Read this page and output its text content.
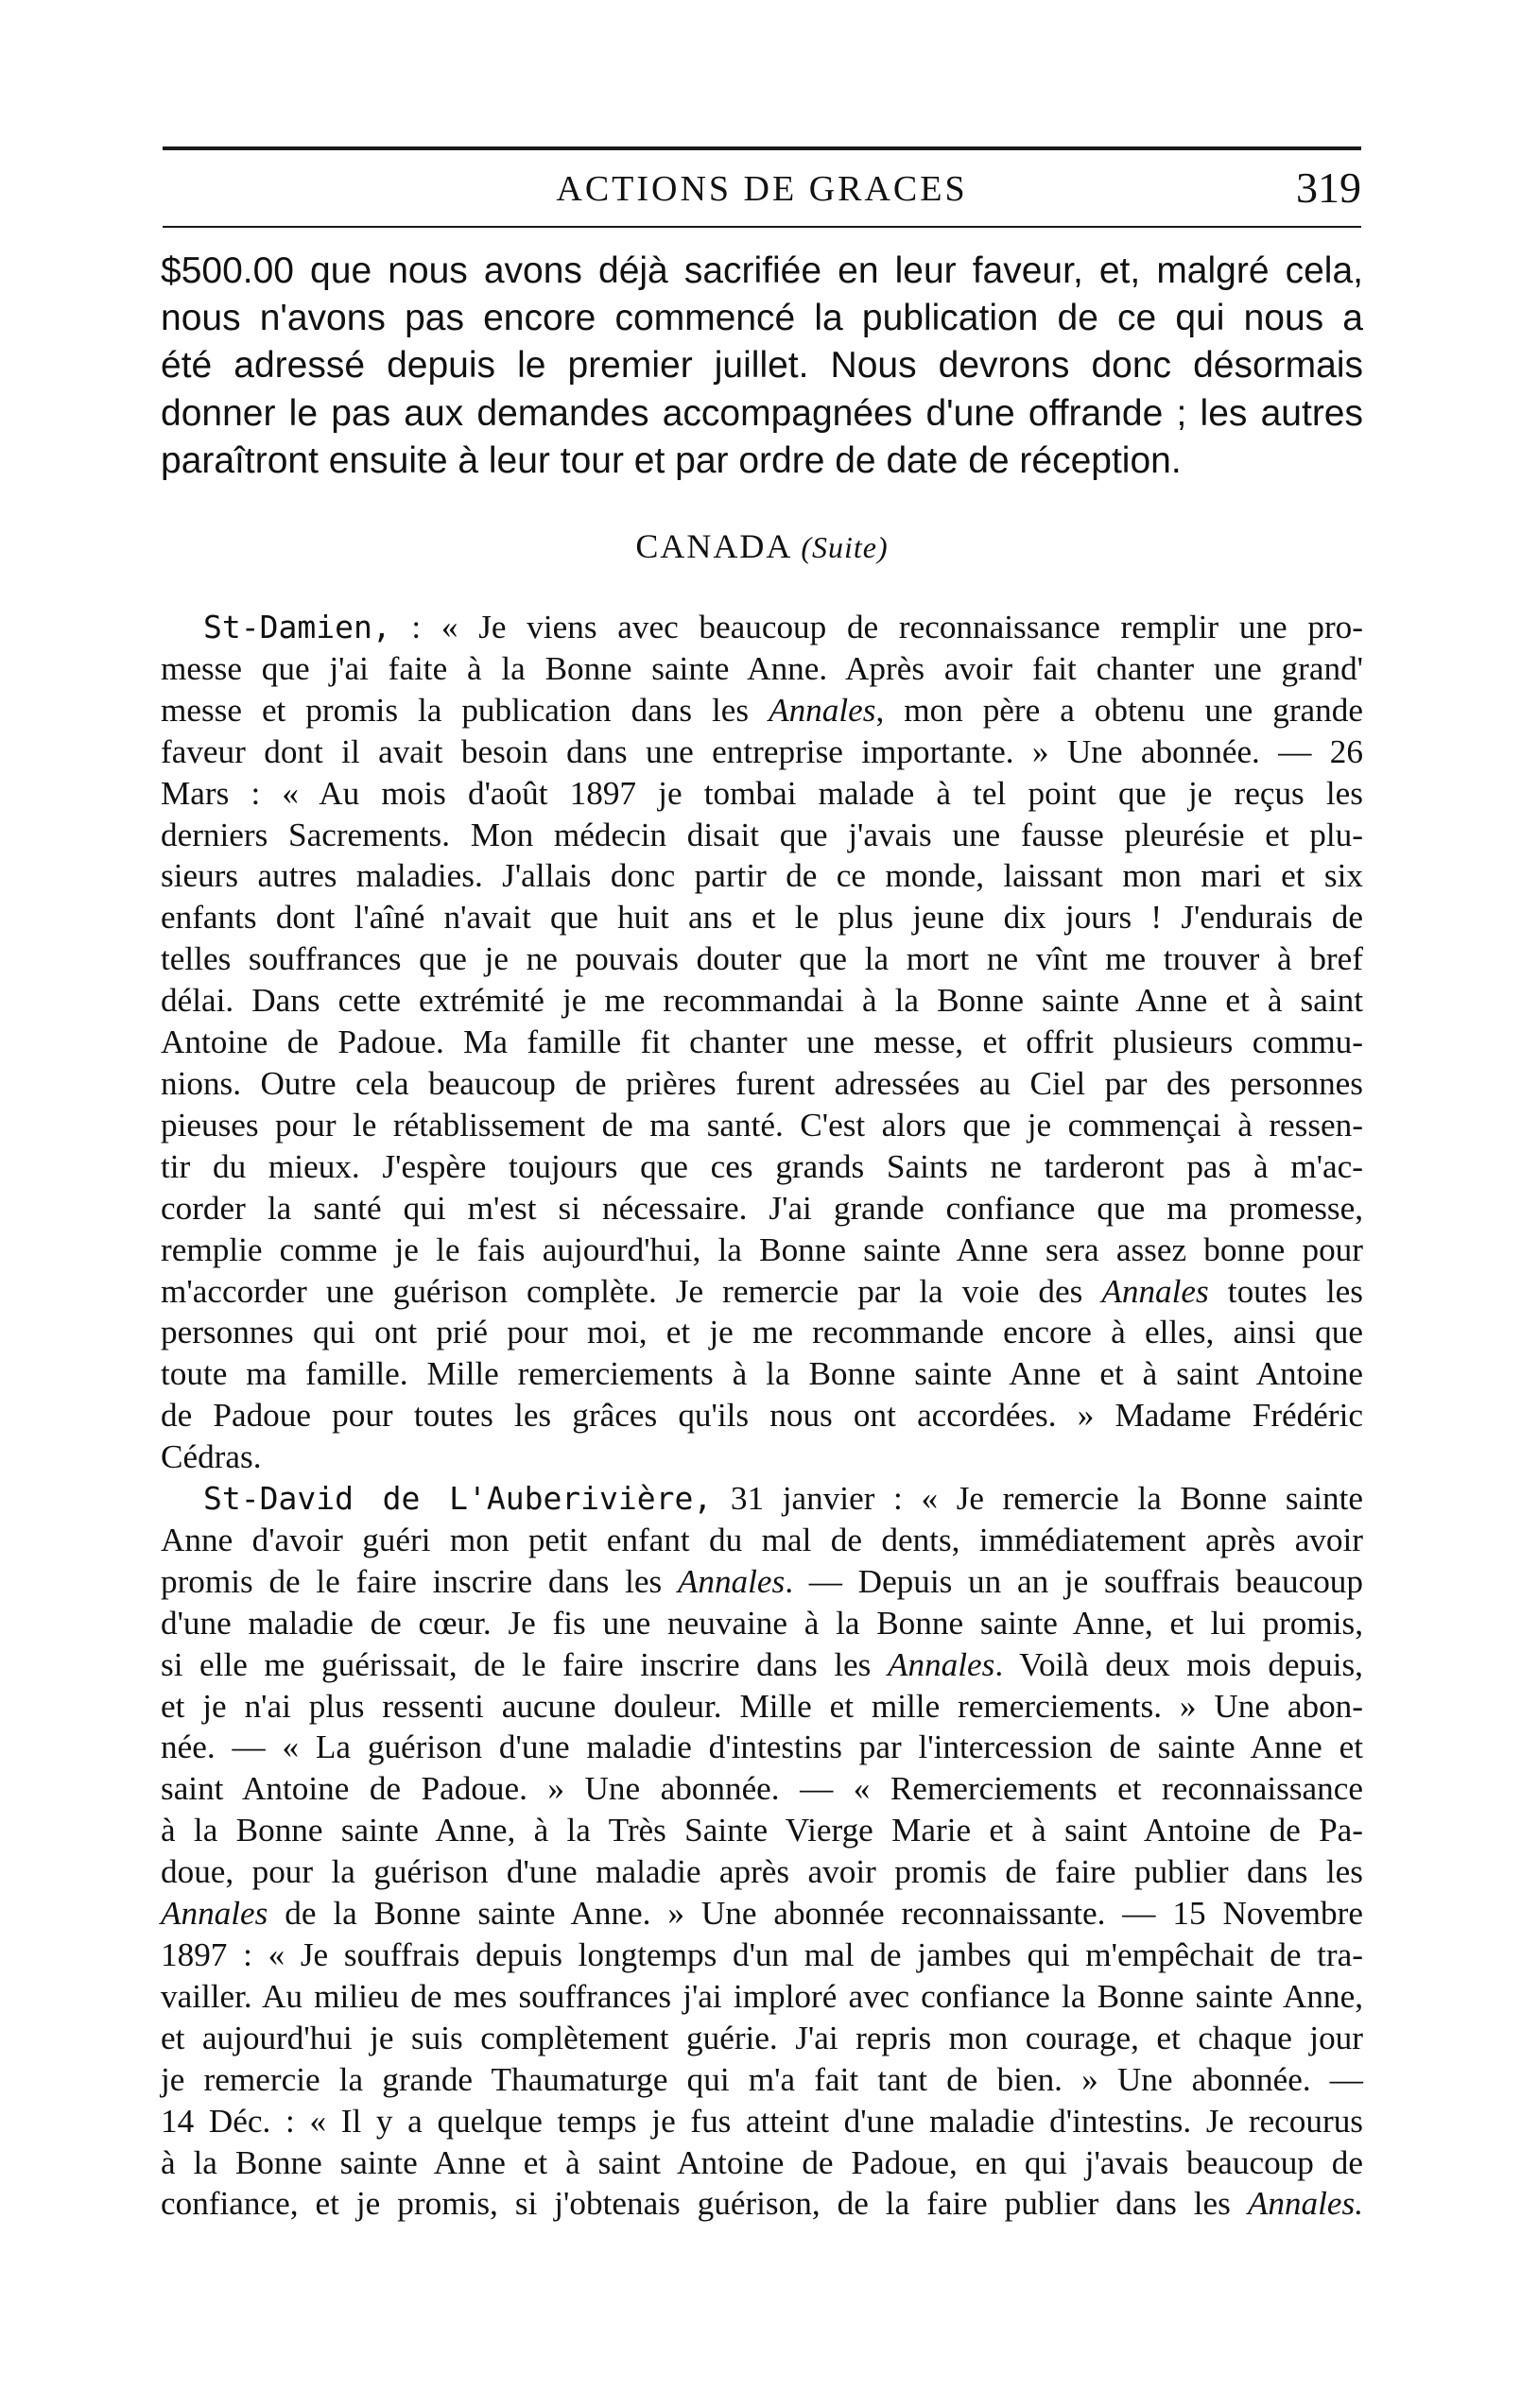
ACTIONS DE GRACES	319
$500.00 que nous avons déjà sacrifiée en leur faveur, et, malgré cela,
nous n'avons pas encore commencé la publication de ce qui nous a
été adressé depuis le premier juillet. Nous devrons donc désormais
donner le pas aux demandes accompagnées d'une offrande ; les autres
paraîtront ensuite à leur tour et par ordre de date de réception.
CANADA (Suite)
St-Damien, : « Je viens avec beaucoup de reconnaissance remplir une pro-
messe que j'ai faite à la Bonne sainte Anne. Après avoir fait chanter une grand'
messe et promis la publication dans les Annales, mon père a obtenu une grande
faveur dont il avait besoin dans une entreprise importante. » Une abonnée. — 26
Mars : « Au mois d'août 1897 je tombai malade à tel point que je reçus les
derniers Sacrements. Mon médecin disait que j'avais une fausse pleurésie et plu-
sieurs autres maladies. J'allais donc partir de ce monde, laissant mon mari et six
enfants dont l'aîné n'avait que huit ans et le plus jeune dix jours ! J'endurais de
telles souffrances que je ne pouvais douter que la mort ne vînt me trouver à bref
délai. Dans cette extrémité je me recommandai à la Bonne sainte Anne et à saint
Antoine de Padoue. Ma famille fit chanter une messe, et offrit plusieurs commu-
nions. Outre cela beaucoup de prières furent adressées au Ciel par des personnes
pieuses pour le rétablissement de ma santé. C'est alors que je commençai à ressen-
tir du mieux. J'espère toujours que ces grands Saints ne tarderont pas à m'ac-
corder la santé qui m'est si nécessaire. J'ai grande confiance que ma promesse,
remplie comme je le fais aujourd'hui, la Bonne sainte Anne sera assez bonne pour
m'accorder une guérison complète. Je remercie par la voie des Annales toutes les
personnes qui ont prié pour moi, et je me recommande encore à elles, ainsi que
toute ma famille. Mille remerciements à la Bonne sainte Anne et à saint Antoine
de Padoue pour toutes les grâces qu'ils nous ont accordées. » Madame Frédéric
Cédras.
St-David de L'Auberivière, 31 janvier : « Je remercie la Bonne sainte
Anne d'avoir guéri mon petit enfant du mal de dents, immédiatement après avoir
promis de le faire inscrire dans les Annales. — Depuis un an je souffrais beaucoup
d'une maladie de cœur. Je fis une neuvaine à la Bonne sainte Anne, et lui promis,
si elle me guérissait, de le faire inscrire dans les Annales. Voilà deux mois depuis,
et je n'ai plus ressenti aucune douleur. Mille et mille remerciements. » Une abon-
née. — « La guérison d'une maladie d'intestins par l'intercession de sainte Anne et
saint Antoine de Padoue. » Une abonnée. — « Remerciements et reconnaissance
à la Bonne sainte Anne, à la Très Sainte Vierge Marie et à saint Antoine de Pa-
doue, pour la guérison d'une maladie après avoir promis de faire publier dans les
Annales de la Bonne sainte Anne. » Une abonnée reconnaissante. — 15 Novembre
1897 : « Je souffrais depuis longtemps d'un mal de jambes qui m'empêchait de tra-
vailler. Au milieu de mes souffrances j'ai imploré avec confiance la Bonne sainte Anne,
et aujourd'hui je suis complètement guérie. J'ai repris mon courage, et chaque jour
je remercie la grande Thaumaturge qui m'a fait tant de bien. » Une abonnée. —
14 Déc. : « Il y a quelque temps je fus atteint d'une maladie d'intestins. Je recourus
à la Bonne sainte Anne et à saint Antoine de Padoue, en qui j'avais beaucoup de
confiance, et je promis, si j'obtenais guérison, de la faire publier dans les Annales.
